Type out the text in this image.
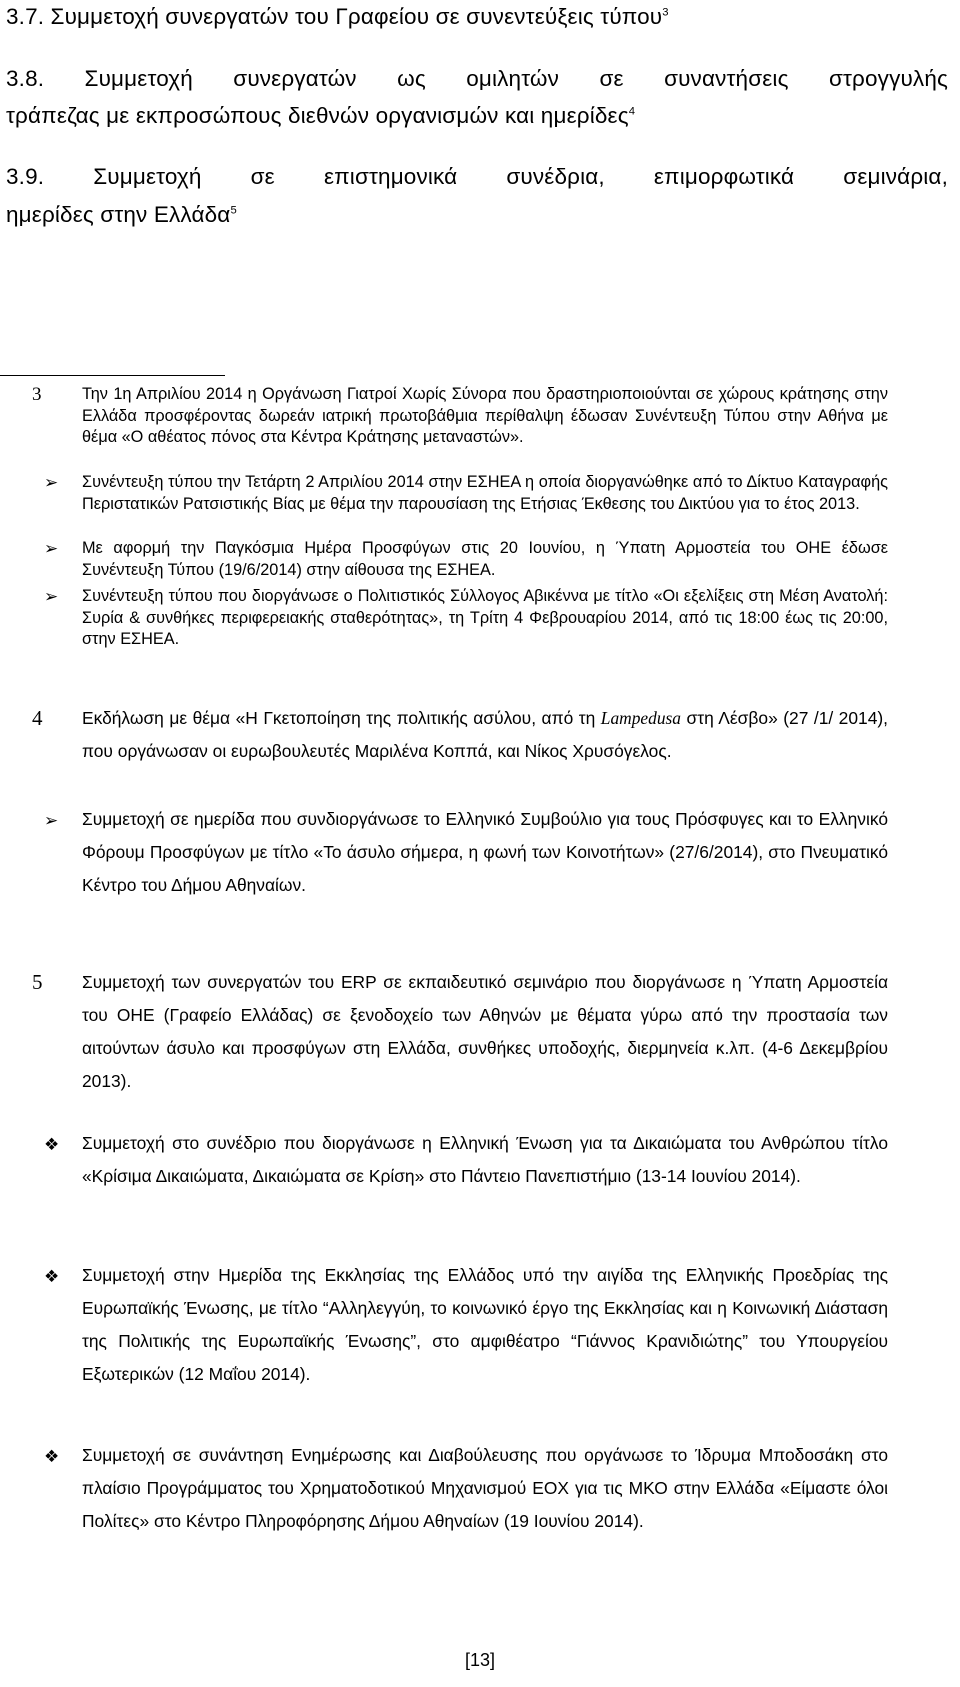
3.7. Συμμετοχή συνεργατών του Γραφείου σε συνεντεύξεις τύπου$^3$
3.8. Συμμετοχή συνεργατών ως ομιλητών σε συναντήσεις στρογγυλής
τράπεζας με εκπροσώπους διεθνών οργανισμών και ημερίδες$^4$
3.9. Συμμετοχή σε επιστημονικά συνέδρια, επιμορφωτικά σεμινάρια,
ημερίδες στην Ελλάδα$^5$
3 Την 1η Απριλίου 2014 η Οργάνωση Γιατροί Χωρίς Σύνορα που δραστηριοποιούνται σε χώρους κράτησης στην Ελλάδα προσφέροντας δωρεάν ιατρική πρωτοβάθμια περίθαλψη έδωσαν Συνέντευξη Τύπου στην Αθήνα με θέμα «Ο αθέατος πόνος στα Κέντρα Κράτησης μεταναστών».
➢ Συνέντευξη τύπου την Τετάρτη 2 Απριλίου 2014 στην ΕΣΗΕΑ η οποία διοργανώθηκε από το Δίκτυο Καταγραφής Περιστατικών Ρατσιστικής Βίας με θέμα την παρουσίαση της Ετήσιας Έκθεσης του Δικτύου για το έτος 2013.
➢ Με αφορμή την Παγκόσμια Ημέρα Προσφύγων στις 20 Ιουνίου, η Ύπατη Αρμοστεία του ΟΗΕ έδωσε Συνέντευξη Τύπου (19/6/2014) στην αίθουσα της ΕΣΗΕΑ.
➢ Συνέντευξη τύπου που διοργάνωσε ο Πολιτιστικός Σύλλογος Αβικέννα με τίτλο «Οι εξελίξεις στη Μέση Ανατολή: Συρία & συνθήκες περιφερειακής σταθερότητας», τη Τρίτη 4 Φεβρουαρίου 2014, από τις 18:00 έως τις 20:00, στην ΕΣΗΕΑ.
4 Εκδήλωση με θέμα «Η Γκετοποίηση της πολιτικής ασύλου, από τη Lampedusa στη Λέσβο» (27 /1/ 2014), που οργάνωσαν οι ευρωβουλευτές Μαριλένα Κοππά, και Νίκος Χρυσόγελος.
➢ Συμμετοχή σε ημερίδα που συνδιοργάνωσε το Ελληνικό Συμβούλιο για τους Πρόσφυγες και το Ελληνικό Φόρουμ Προσφύγων με τίτλο «Το άσυλο σήμερα, η φωνή των Κοινοτήτων» (27/6/2014), στο Πνευματικό Κέντρο του Δήμου Αθηναίων.
5 Συμμετοχή των συνεργατών του ERP σε εκπαιδευτικό σεμινάριο που διοργάνωσε η Ύπατη Αρμοστεία του ΟΗΕ (Γραφείο Ελλάδας) σε ξενοδοχείο των Αθηνών με θέματα γύρω από την προστασία των αιτούντων άσυλο και προσφύγων στη Ελλάδα, συνθήκες υποδοχής, διερμηνεία κ.λπ. (4-6 Δεκεμβρίου 2013).
❖ Συμμετοχή στο συνέδριο που διοργάνωσε η Ελληνική Ένωση για τα Δικαιώματα του Ανθρώπου τίτλο «Κρίσιμα Δικαιώματα, Δικαιώματα σε Κρίση» στο Πάντειο Πανεπιστήμιο (13-14 Ιουνίου 2014).
❖ Συμμετοχή στην Ημερίδα της Εκκλησίας της Ελλάδος υπό την αιγίδα της Ελληνικής Προεδρίας της Ευρωπαϊκής Ένωσης, με τίτλο “Αλληλεγγύη, το κοινωνικό έργο της Εκκλησίας και η Κοινωνική Διάσταση της Πολιτικής της Ευρωπαϊκής Ένωσης”, στο αμφιθέατρο “Γιάννος Κρανιδιώτης” του Υπουργείου Εξωτερικών (12 Μαΐου 2014).
❖ Συμμετοχή σε συνάντηση Ενημέρωσης και Διαβούλευσης που οργάνωσε το Ίδρυμα Μποδοσάκη στο πλαίσιο Προγράμματος του Χρηματοδοτικού Μηχανισμού ΕΟΧ για τις ΜΚΟ στην Ελλάδα «Είμαστε όλοι Πολίτες» στο Κέντρο Πληροφόρησης Δήμου Αθηναίων (19 Ιουνίου 2014).
[13]
